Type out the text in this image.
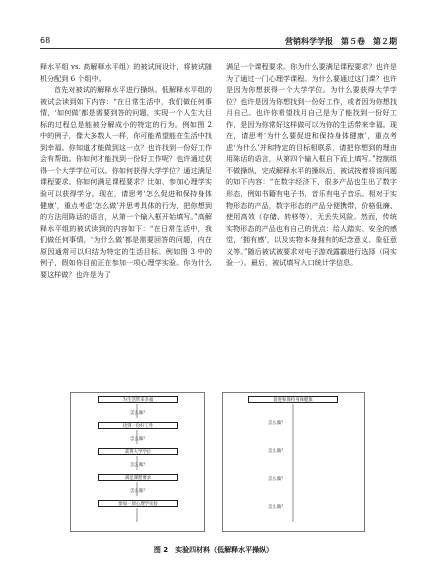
68	营销科学学报　第５卷　第２期

释水平组 vs. 高解释水平组）的被试间设计，将被试随机分配到 6 个组中。

首先对被试的解释水平进行操纵。低解释水平组的被试会读到如下内容：“在日常生活中，我们做任何事情，‘如何做’都是需要到答的问题，实现一个人生大目标的过程总是能被分解成小的特定的行为。例如图 2 中的例子，像大多数人一样，你可能希望能在生活中找到幸福。你知道才能做到这一点？也许找到一份好工作会有帮助。你如何才能找到一份好工作呢？也许通过获得一个大学学位可以。你如何获得大学学位？通过满足课程要求。你如何满足课程要求？比如，参加心理学实验可以获得学分。现在，请思考‘怎么促进和保持身体健康’，重点考虑‘怎么做’并思考具体的行为，把你想到的方法用陈话的语言，从第一个输入框开始填写。”高解释水平组的被试读到的内容如下：“在日常生活中，我们做任何事情，‘为什么做’都是需要回答的问题，内在原因通常可以归结为特定的生活目标。例如图 3 中的例子，假如你目前正在参加一项心理学实验。你为什么要这样做？也许是为了

满足一个课程要求。你为什么要满足课程要求？也许是为了通过一门心理学课程。为什么要通过这门课？也许是因为你想获得一个大学学位。为什么要获得大学学位？也许是因为你想找到一份好工作，或者因为你想找月自己。也许你希望找月自己是为了能找到一份好工作，是因为你常好这样做可以为你的生活带来幸福。现在，请思考‘为什么要促进和保持身体健康’，重点考虑‘为什么’并和特定的目标相联系，请把你想到的理由用陈话的语言，从第四个输入框自下而上填写。”控制组不做操纵，完成解释水平的操纵后，被试按着将该问题的如下内容：“在数字经济下，很多产品也生出了数字形态，例如书籍有电子书，音乐有电子音乐。相对于实物形态的产品，数字形态的产品分便携带，价格低廉、使用高效（存储、转移等），无丢失风险。然而，传统实物形态的产品也有自己的优点：给人踏实、安全的感觉，‘拥有感’，以及实物本身拥有的纪念意义、象征意义等。”随后被试被要求对电子游戏露霸进行选择（同实验一）。最后，被试填写入口统计学信息。

为生活带来幸福
怎么做？
找到一份好工作
怎么做？
获得大学学位
怎么做？
满足课程要求
怎么做？
参加一项心理学实验
促进和保持身体健康
怎么做？
怎么做？
怎么做？
怎么做？
图 2　实验四材料（低解释水平操纵）
